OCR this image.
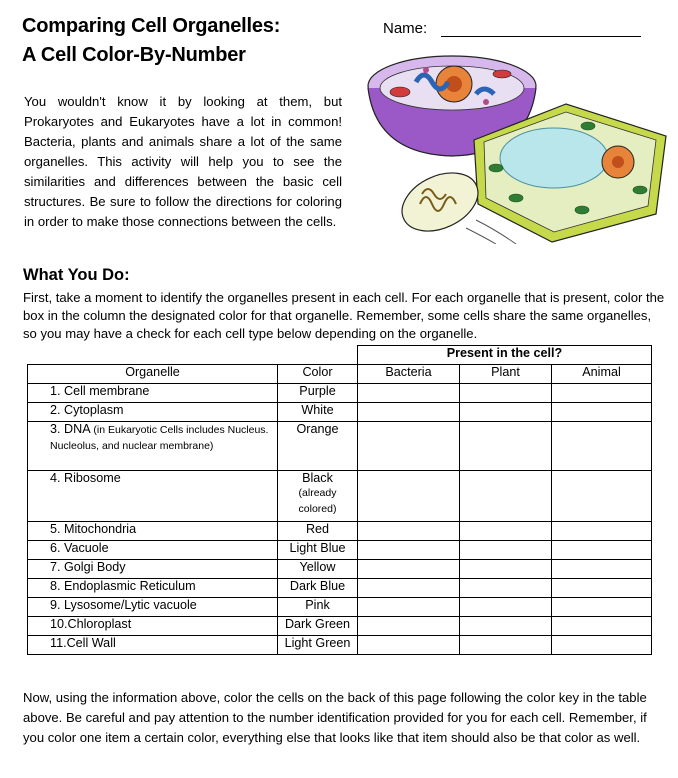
Comparing Cell Organelles:
A Cell Color-By-Number
Name:
You wouldn't know it by looking at them, but Prokaryotes and Eukaryotes have a lot in common! Bacteria, plants and animals share a lot of the same organelles. This activity will help you to see the similarities and differences between the basic cell structures. Be sure to follow the directions for coloring in order to make those connections between the cells.
What You Do:
First, take a moment to identify the organelles present in each cell. For each organelle that is present, color the box in the column the designated color for that organelle. Remember, some cells share the same organelles, so you may have a check for each cell type below depending on the organelle.
		Present in the cell?		
Organelle	Color	Bacteria	Plant	Animal
1. Cell membrane	Purple			
2. Cytoplasm	White			
3. DNA (in Eukaryotic Cells includes Nucleus. Nucleolus, and nuclear membrane)	Orange			
4. Ribosome	Black
(already colored)			

5. Mitochondria	Red			
6. Vacuole	Light Blue			
7. Golgi Body	Yellow			
8. Endoplasmic Reticulum	Dark Blue			
9. Lysosome/Lytic vacuole	Pink			
10.Chloroplast	Dark Green			
11.Cell Wall	Light Green			
Now, using the information above, color the cells on the back of this page following the color key in the table above. Be careful and pay attention to the number identification provided for you for each cell. Remember, if you color one item a certain color, everything else that looks like that item should also be that color as well.
